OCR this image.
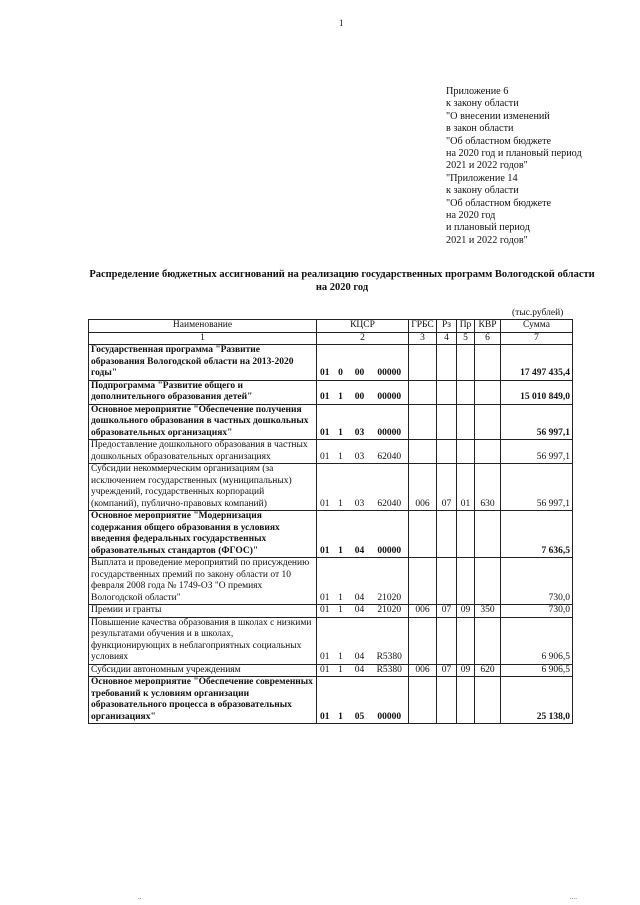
1
Приложение 6
к закону области
"О внесении изменений
в закон области
"Об областном бюджете
на 2020 год и плановый период
2021 и 2022 годов"
"Приложение 14
к закону области
"Об областном бюджете
на 2020 год
и плановый период
2021 и 2022 годов"
Распределение бюджетных ассигнований на реализацию государственных программ Вологодской области
на 2020 год
(тыс.рублей)
Наименование	КЦСР				ГРБС	Рз	Пр	КВР	Сумма
1	2				3	4	5	6	7
Государственная программа "Развитие образования Вологодской области на 2013-2020 годы"	01	0	00	00000					17 497 435,4
Подпрограмма "Развитие общего и дополнительного образования детей"	01	1	00	00000					15 010 849,0
Основное мероприятие "Обеспечение получения дошкольного образования в частных дошкольных образовательных организациях"	01	1	03	00000					56 997,1
Предоставление дошкольного образования в частных дошкольных образовательных организациях	01	1	03	62040					56 997,1
Субсидии некоммерческим организациям (за исключением государственных (муниципальных) учреждений, государственных корпораций (компаний), публично-правовых компаний)	01	1	03	62040	006	07	01	630	56 997,1
Основное мероприятие "Модернизация содержания общего образования в условиях введения федеральных государственных образовательных стандартов (ФГОС)"	01	1	04	00000					7 636,5
Выплата и проведение мероприятий по присуждению государственных премий по закону области от 10 февраля 2008 года № 1749-ОЗ "О премиях Вологодской области"	01	1	04	21020					730,0
Премии и гранты	01	1	04	21020	006	07	09	350	730,0
Повышение качества образования в школах с низкими результатами обучения и в школах, функционирующих в неблагоприятных социальных условиях	01	1	04	R5380					6 906,5
Субсидии автономным учреждениям	01	1	04	R5380	006	07	09	620	6 906,5
Основное мероприятие "Обеспечение современных требований к условиям организации образовательного процесса в образовательных организациях"	01	1	05	00000					25 138,0
..	....
